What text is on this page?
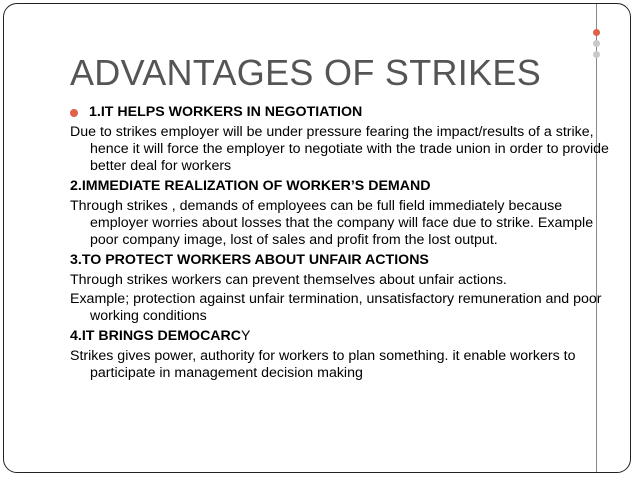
ADVANTAGES OF STRIKES
1.IT HELPS WORKERS IN NEGOTIATION
Due to strikes employer will be under pressure fearing the impact/results of a strike, hence it will force the employer to negotiate with the trade union in order to provide better deal for workers
2.IMMEDIATE REALIZATION OF WORKER’S DEMAND
Through strikes , demands of employees can be full field immediately because employer worries about losses that the company will face due to strike. Example poor company image, lost of sales and profit from the lost output.
3.TO PROTECT WORKERS ABOUT UNFAIR ACTIONS
Through strikes workers can prevent themselves about unfair actions.
Example; protection against unfair termination, unsatisfactory remuneration and poor working conditions
4.IT BRINGS DEMOCARCY
Strikes gives power, authority for workers to plan something. it enable workers to participate in management decision making
